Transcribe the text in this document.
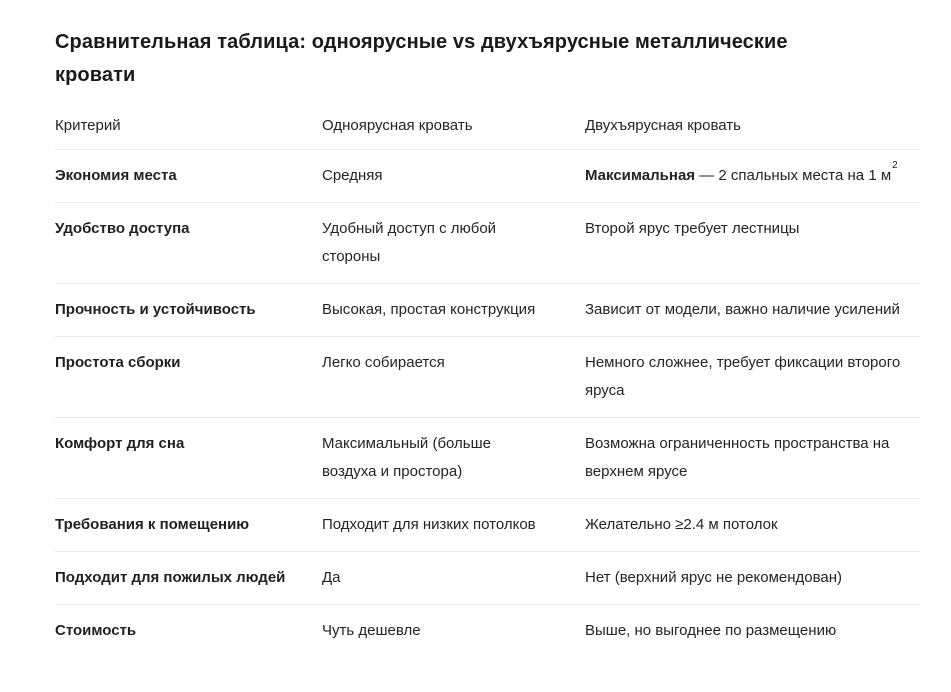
Сравнительная таблица: одноярусные vs двухъярусные металлические кровати
Критерий	Одноярусная кровать	Двухъярусная кровать

Экономия места	Средняя	Максимальная — 2 спальных места на 1 $м^2$

Удобство доступа	Удобный доступ с любой стороны	Второй ярус требует лестницы

Прочность и устойчивость	Высокая, простая конструкция	Зависит от модели, важно наличие усилений

Простота сборки	Легко собирается	Немного сложнее, требует фиксации второго яруса

Комфорт для сна	Максимальный (больше воздуха и простора)	Возможна ограниченность пространства на верхнем ярусе

Требования к помещению	Подходит для низких потолков	Желательно ≥2.4 м потолок

Подходит для пожилых людей	Да	Нет (верхний ярус не рекомендован)

Стоимость	Чуть дешевле	Выше, но выгоднее по размещению
